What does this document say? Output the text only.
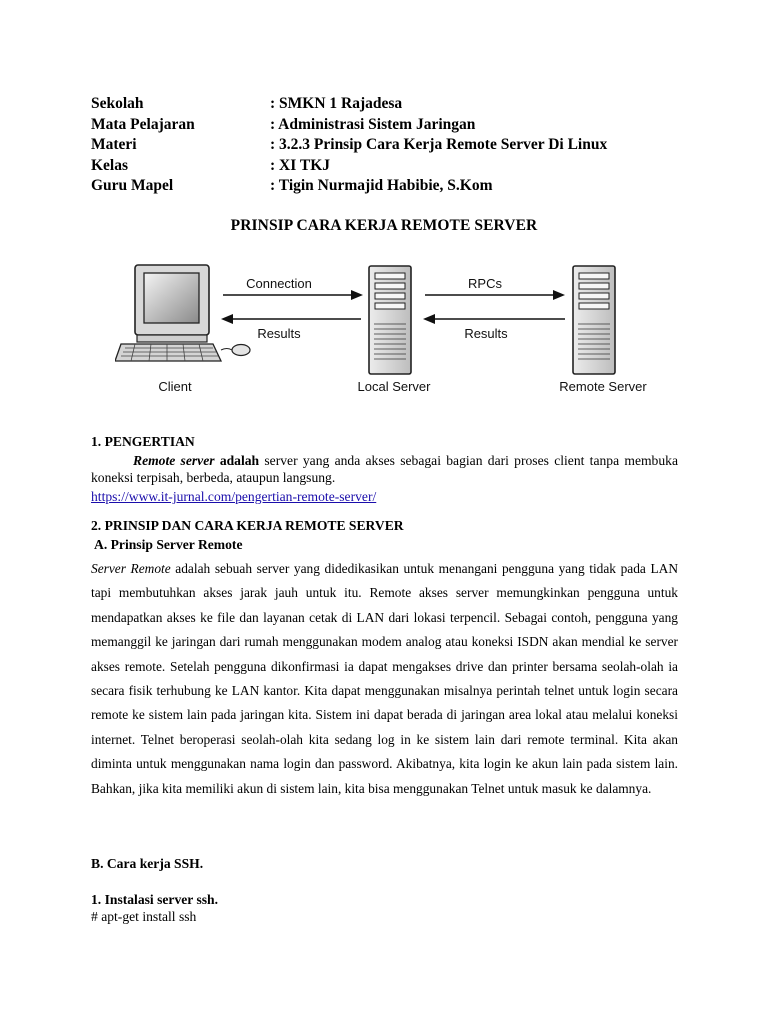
Sekolah	: SMKN 1 Rajadesa
Mata Pelajaran	: Administrasi Sistem Jaringan
Materi	: 3.2.3 Prinsip Cara Kerja Remote Server Di Linux
Kelas	: XI TKJ
Guru Mapel	: Tigin Nurmajid Habibie, S.Kom
PRINSIP CARA KERJA REMOTE SERVER
Connection
Results
RPCs
Results
Client	Local Server	Remote Server
1. PENGERTIAN
Remote server adalah server yang anda akses sebagai bagian dari proses client tanpa membuka koneksi terpisah, berbeda, ataupun langsung.
https://www.it-jurnal.com/pengertian-remote-server/
2. PRINSIP DAN CARA KERJA REMOTE SERVER
A. Prinsip Server Remote
Server Remote adalah sebuah server yang didedikasikan untuk menangani pengguna yang tidak pada LAN tapi membutuhkan akses jarak jauh untuk itu. Remote akses server memungkinkan pengguna untuk mendapatkan akses ke file dan layanan cetak di LAN dari lokasi terpencil. Sebagai contoh, pengguna yang memanggil ke jaringan dari rumah menggunakan modem analog atau koneksi ISDN akan mendial ke server akses remote. Setelah pengguna dikonfirmasi ia dapat mengakses drive dan printer bersama seolah-olah ia secara fisik terhubung ke LAN kantor. Kita dapat menggunakan misalnya perintah telnet untuk login secara remote ke sistem lain pada jaringan kita. Sistem ini dapat berada di jaringan area lokal atau melalui koneksi internet. Telnet beroperasi seolah-olah kita sedang log in ke sistem lain dari remote terminal. Kita akan diminta untuk menggunakan nama login dan password. Akibatnya, kita login ke akun lain pada sistem lain. Bahkan, jika kita memiliki akun di sistem lain, kita bisa menggunakan Telnet untuk masuk ke dalamnya.
B. Cara kerja SSH.
1. Instalasi server ssh.
# apt-get install ssh
